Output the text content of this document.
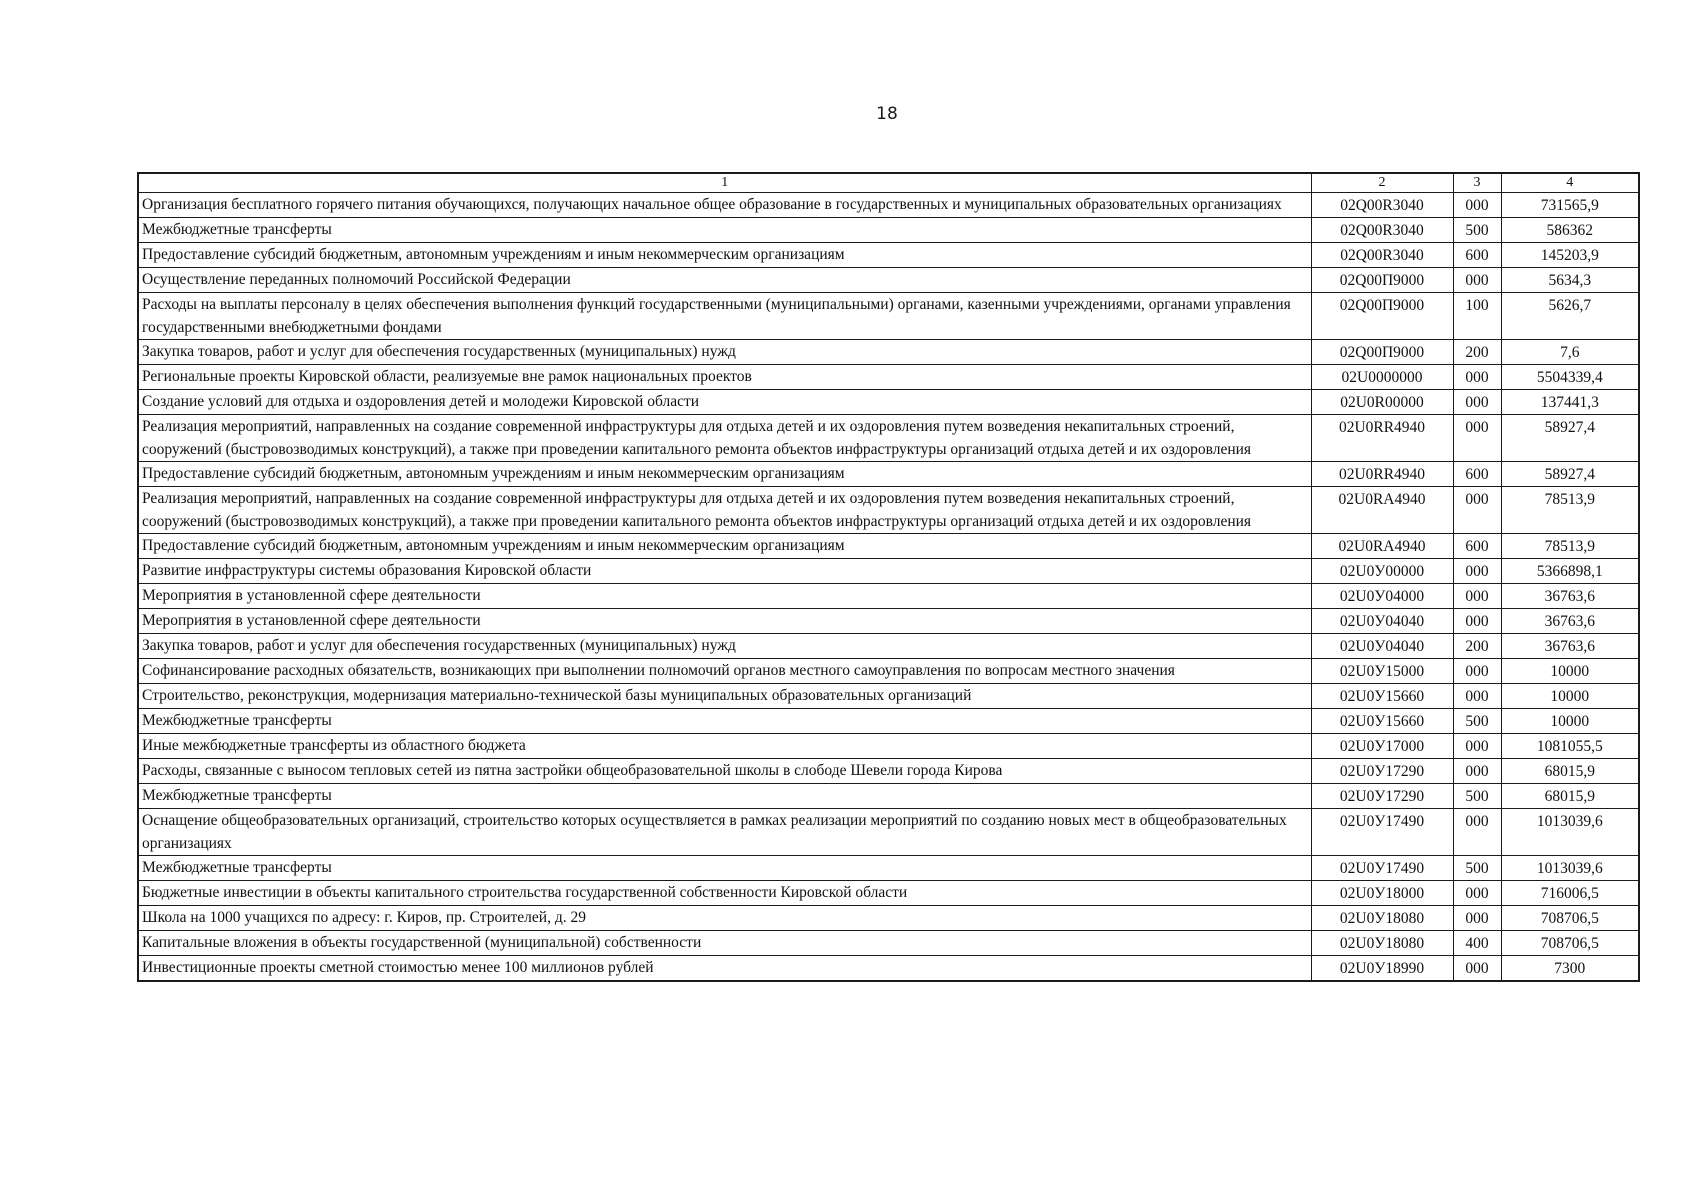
18
1	2	3	4
Организация бесплатного горячего питания обучающихся, получающих начальное общее образование в государственных и муниципальных образовательных организациях	02Q00R3040	000	731565,9
Межбюджетные трансферты	02Q00R3040	500	586362
Предоставление субсидий бюджетным, автономным учреждениям и иным некоммерческим организациям	02Q00R3040	600	145203,9
Осуществление переданных полномочий Российской Федерации	02Q00П9000	000	5634,3
Расходы на выплаты персоналу в целях обеспечения выполнения функций государственными (муниципальными) органами, казенными учреждениями, органами управления государственными внебюджетными фондами	02Q00П9000	100	5626,7
Закупка товаров, работ и услуг для обеспечения государственных (муниципальных) нужд	02Q00П9000	200	7,6
Региональные проекты Кировской области, реализуемые вне рамок национальных проектов	02U0000000	000	5504339,4
Создание условий для отдыха и оздоровления детей и молодежи Кировской области	02U0R00000	000	137441,3
Реализация мероприятий, направленных на создание современной инфраструктуры для отдыха детей и их оздоровления путем возведения некапитальных строений, сооружений (быстровозводимых конструкций), а также при проведении капитального ремонта объектов инфраструктуры организаций отдыха детей и их оздоровления	02U0RR4940	000	58927,4
Предоставление субсидий бюджетным, автономным учреждениям и иным некоммерческим организациям	02U0RR4940	600	58927,4
Реализация мероприятий, направленных на создание современной инфраструктуры для отдыха детей и их оздоровления путем возведения некапитальных строений, сооружений (быстровозводимых конструкций), а также при проведении капитального ремонта объектов инфраструктуры организаций отдыха детей и их оздоровления	02U0RA4940	000	78513,9
Предоставление субсидий бюджетным, автономным учреждениям и иным некоммерческим организациям	02U0RA4940	600	78513,9
Развитие инфраструктуры системы образования Кировской области	02U0У00000	000	5366898,1
Мероприятия в установленной сфере деятельности	02U0У04000	000	36763,6
Мероприятия в установленной сфере деятельности	02U0У04040	000	36763,6
Закупка товаров, работ и услуг для обеспечения государственных (муниципальных) нужд	02U0У04040	200	36763,6
Софинансирование расходных обязательств, возникающих при выполнении полномочий органов местного самоуправления по вопросам местного значения	02U0У15000	000	10000
Строительство, реконструкция, модернизация материально-технической базы муниципальных образовательных организаций	02U0У15660	000	10000
Межбюджетные трансферты	02U0У15660	500	10000
Иные межбюджетные трансферты из областного бюджета	02U0У17000	000	1081055,5
Расходы, связанные с выносом тепловых сетей из пятна застройки общеобразовательной школы в слободе Шевели города Кирова	02U0У17290	000	68015,9
Межбюджетные трансферты	02U0У17290	500	68015,9
Оснащение общеобразовательных организаций, строительство которых осуществляется в рамках реализации мероприятий по созданию новых мест в общеобразовательных организациях	02U0У17490	000	1013039,6
Межбюджетные трансферты	02U0У17490	500	1013039,6
Бюджетные инвестиции в объекты капитального строительства государственной собственности Кировской области	02U0У18000	000	716006,5
Школа на 1000 учащихся по адресу: г. Киров, пр. Строителей, д. 29	02U0У18080	000	708706,5
Капитальные вложения в объекты государственной (муниципальной) собственности	02U0У18080	400	708706,5
Инвестиционные проекты сметной стоимостью менее 100 миллионов рублей	02U0У18990	000	7300
